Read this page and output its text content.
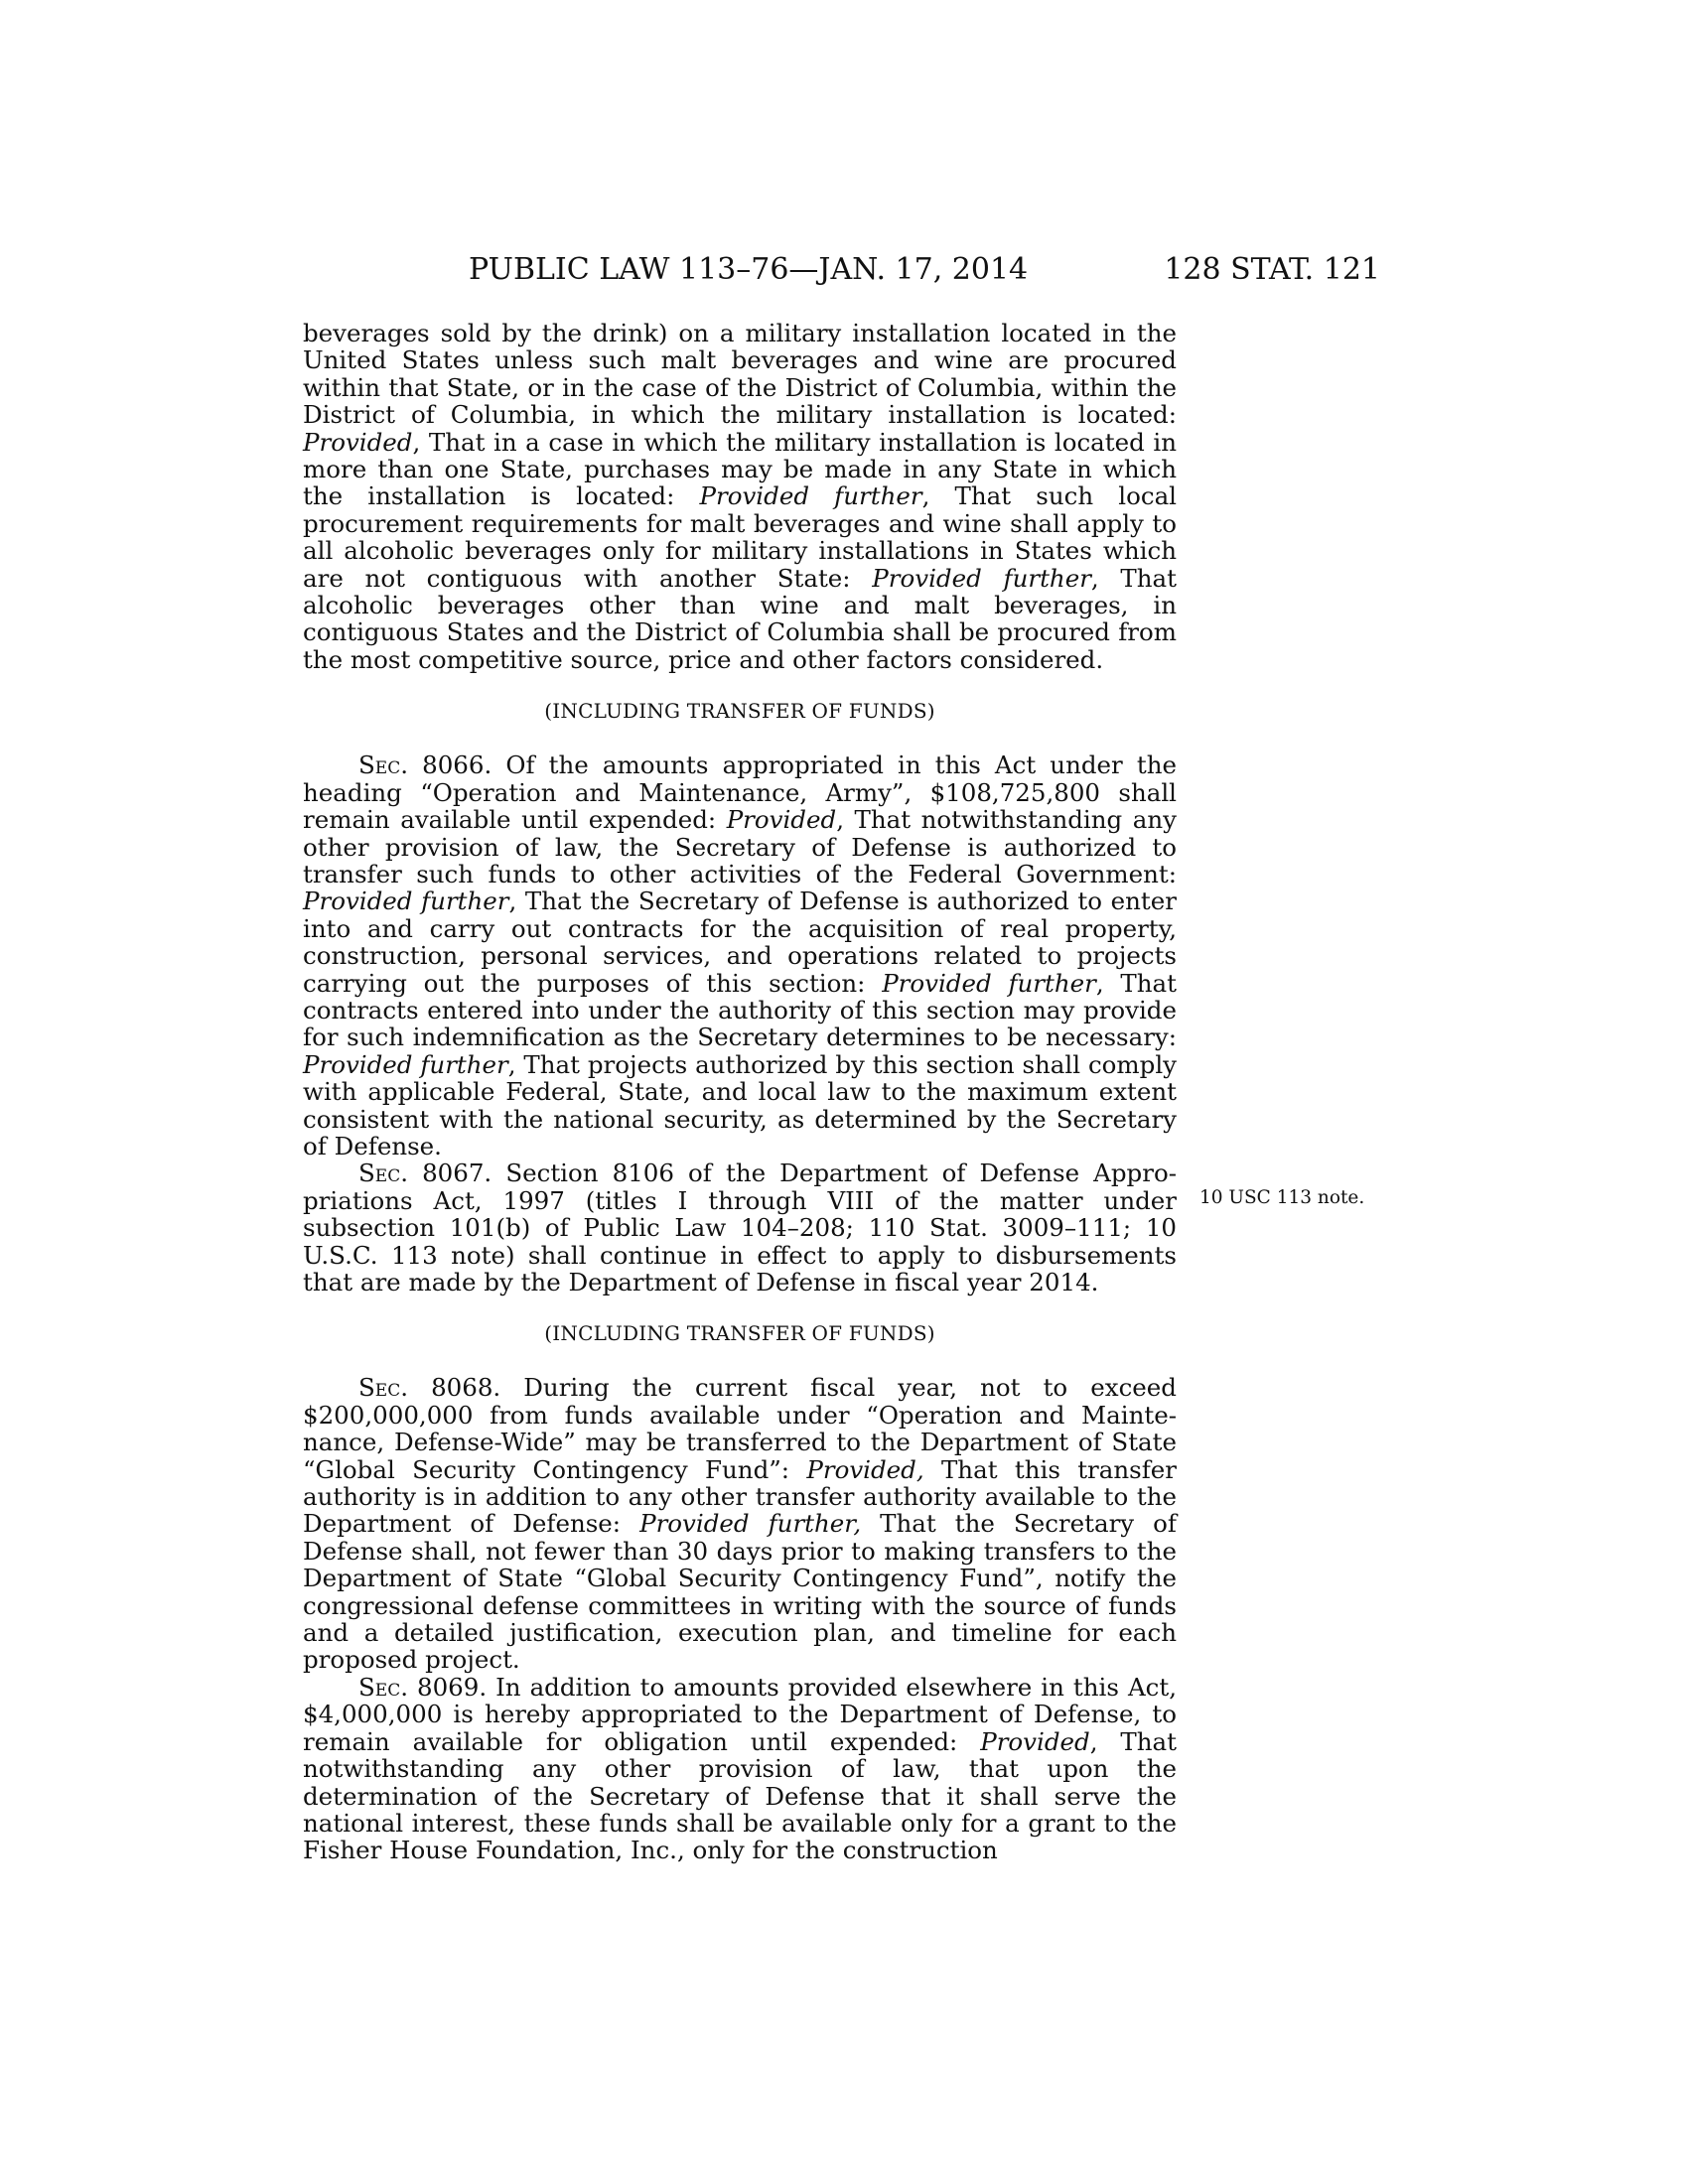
PUBLIC LAW 113–76—JAN. 17, 2014	128 STAT. 121
10 USC 113 note.

beverages sold by the drink) on a military installation located in the United States unless such malt beverages and wine are procured within that State, or in the case of the District of Columbia, within the District of Columbia, in which the military installation is located: Provided, That in a case in which the military installation is located in more than one State, purchases may be made in any State in which the installation is located: Provided further, That such local procurement requirements for malt beverages and wine shall apply to all alcoholic beverages only for military installations in States which are not contiguous with another State: Provided further, That alcoholic beverages other than wine and malt beverages, in contiguous States and the District of Columbia shall be procured from the most competitive source, price and other factors considered.

(INCLUDING TRANSFER OF FUNDS)

Sec. 8066. Of the amounts appropriated in this Act under the heading “Operation and Maintenance, Army”, $108,725,800 shall remain available until expended: Provided, That notwithstanding any other provision of law, the Secretary of Defense is authorized to transfer such funds to other activities of the Federal Government: Provided further, That the Secretary of Defense is authorized to enter into and carry out contracts for the acquisition of real property, construction, personal services, and operations related to projects carrying out the purposes of this section: Provided further, That contracts entered into under the authority of this section may provide for such indemnification as the Secretary determines to be necessary: Provided further, That projects authorized by this section shall comply with applicable Federal, State, and local law to the maximum extent consistent with the national security, as determined by the Secretary of Defense.

Sec. 8067. Section 8106 of the Department of Defense Appropriations Act, 1997 (titles I through VIII of the matter under subsection 101(b) of Public Law 104–208; 110 Stat. 3009–111; 10 U.S.C. 113 note) shall continue in effect to apply to disbursements that are made by the Department of Defense in fiscal year 2014.

(INCLUDING TRANSFER OF FUNDS)

Sec. 8068. During the current fiscal year, not to exceed $200,000,000 from funds available under “Operation and Maintenance, Defense-Wide” may be transferred to the Department of State “Global Security Contingency Fund”: Provided, That this transfer authority is in addition to any other transfer authority available to the Department of Defense: Provided further, That the Secretary of Defense shall, not fewer than 30 days prior to making transfers to the Department of State “Global Security Contingency Fund”, notify the congressional defense committees in writing with the source of funds and a detailed justification, execution plan, and timeline for each proposed project.

Sec. 8069. In addition to amounts provided elsewhere in this Act, $4,000,000 is hereby appropriated to the Department of Defense, to remain available for obligation until expended: Provided, That notwithstanding any other provision of law, that upon the determination of the Secretary of Defense that it shall serve the national interest, these funds shall be available only for a grant to the Fisher House Foundation, Inc., only for the construction
